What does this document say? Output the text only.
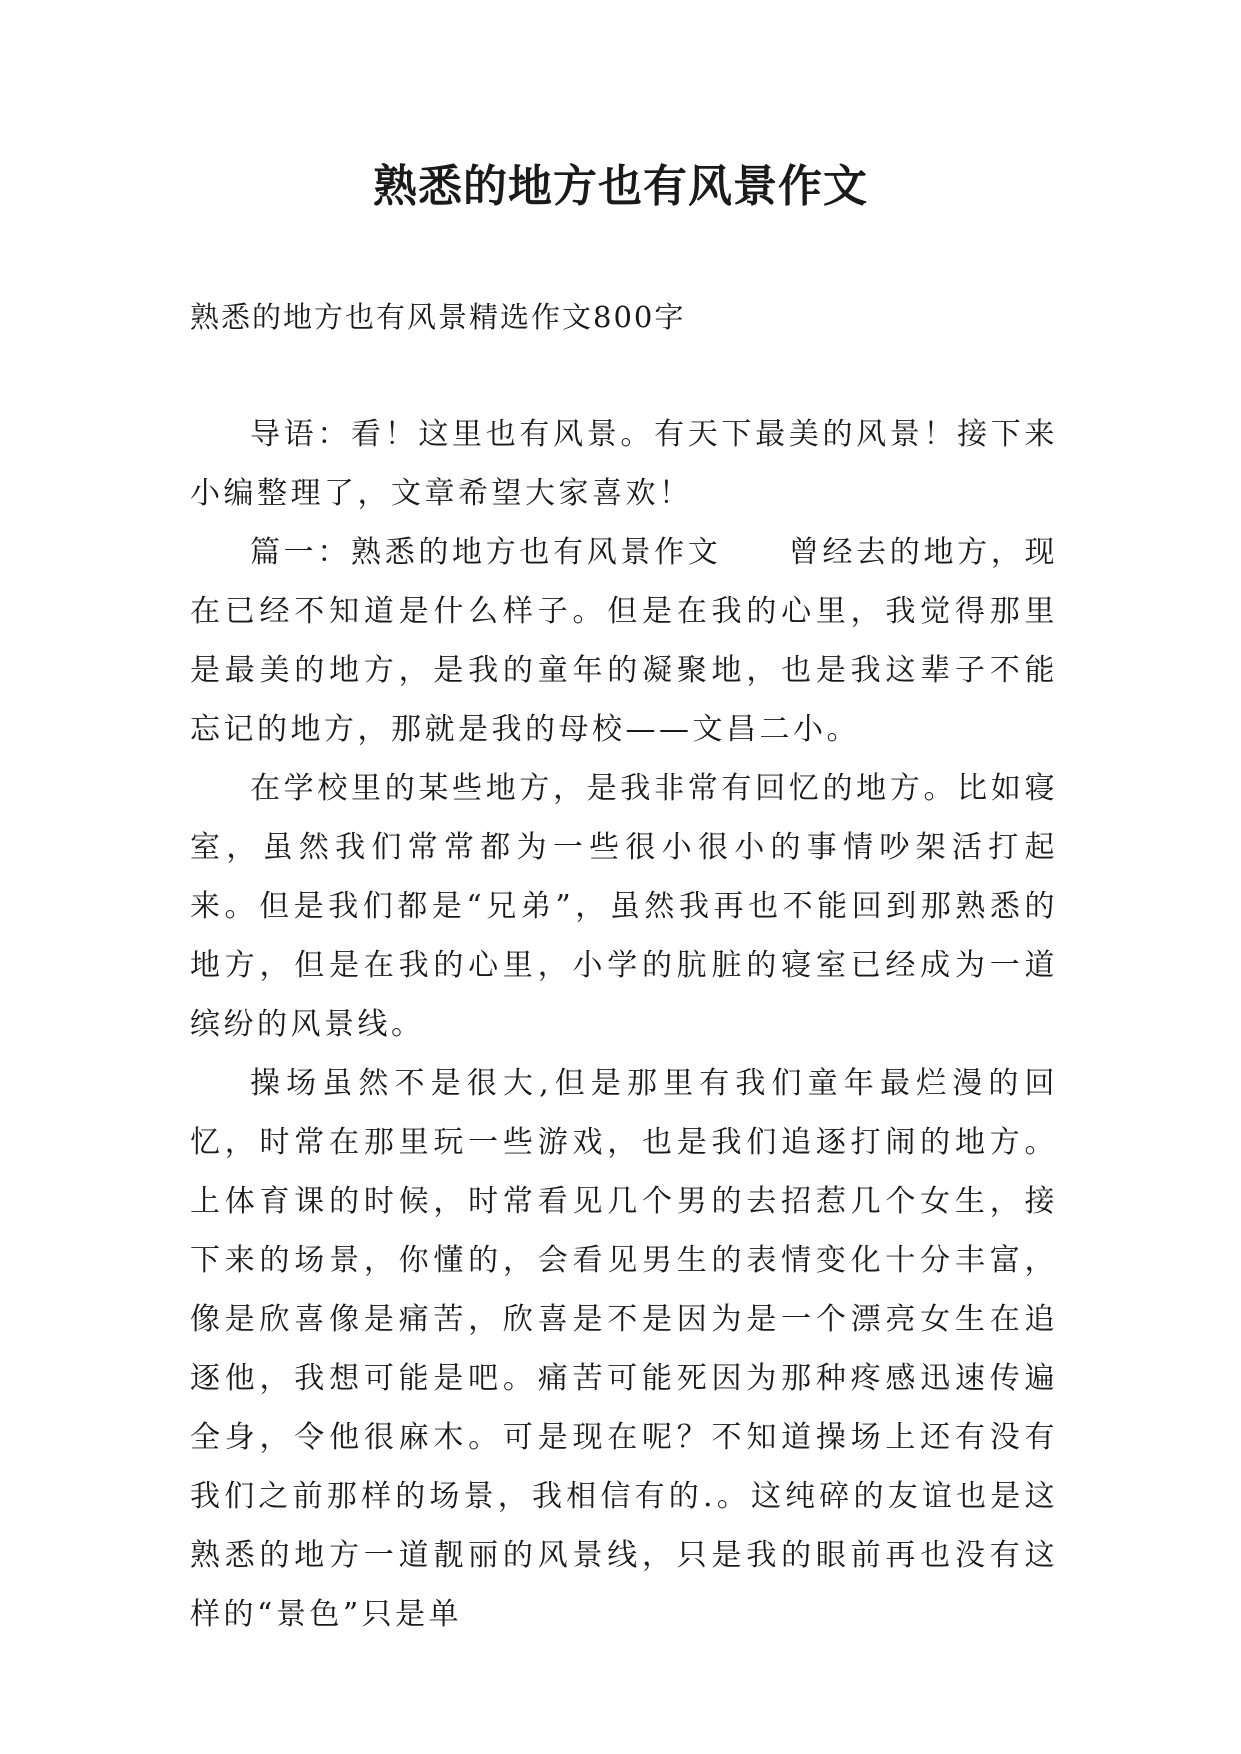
熟悉的地方也有风景作文

熟悉的地方也有风景精选作文800字

导语：看！这里也有风景。有天下最美的风景！接下来小编整理了，文章希望大家喜欢！

篇一：熟悉的地方也有风景作文　　曾经去的地方，现在已经不知道是什么样子。但是在我的心里，我觉得那里是最美的地方，是我的童年的凝聚地，也是我这辈子不能忘记的地方，那就是我的母校——文昌二小。

在学校里的某些地方，是我非常有回忆的地方。比如寝室，虽然我们常常都为一些很小很小的事情吵架活打起来。但是我们都是“兄弟”，虽然我再也不能回到那熟悉的地方，但是在我的心里，小学的肮脏的寝室已经成为一道缤纷的风景线。

操场虽然不是很大,但是那里有我们童年最烂漫的回忆，时常在那里玩一些游戏，也是我们追逐打闹的地方。上体育课的时候，时常看见几个男的去招惹几个女生，接下来的场景，你懂的，会看见男生的表情变化十分丰富，像是欣喜像是痛苦，欣喜是不是因为是一个漂亮女生在追逐他，我想可能是吧。痛苦可能死因为那种疼感迅速传遍全身，令他很麻木。可是现在呢？不知道操场上还有没有我们之前那样的场景，我相信有的.。这纯碎的友谊也是这熟悉的地方一道靓丽的风景线，只是我的眼前再也没有这样的“景色”只是单
